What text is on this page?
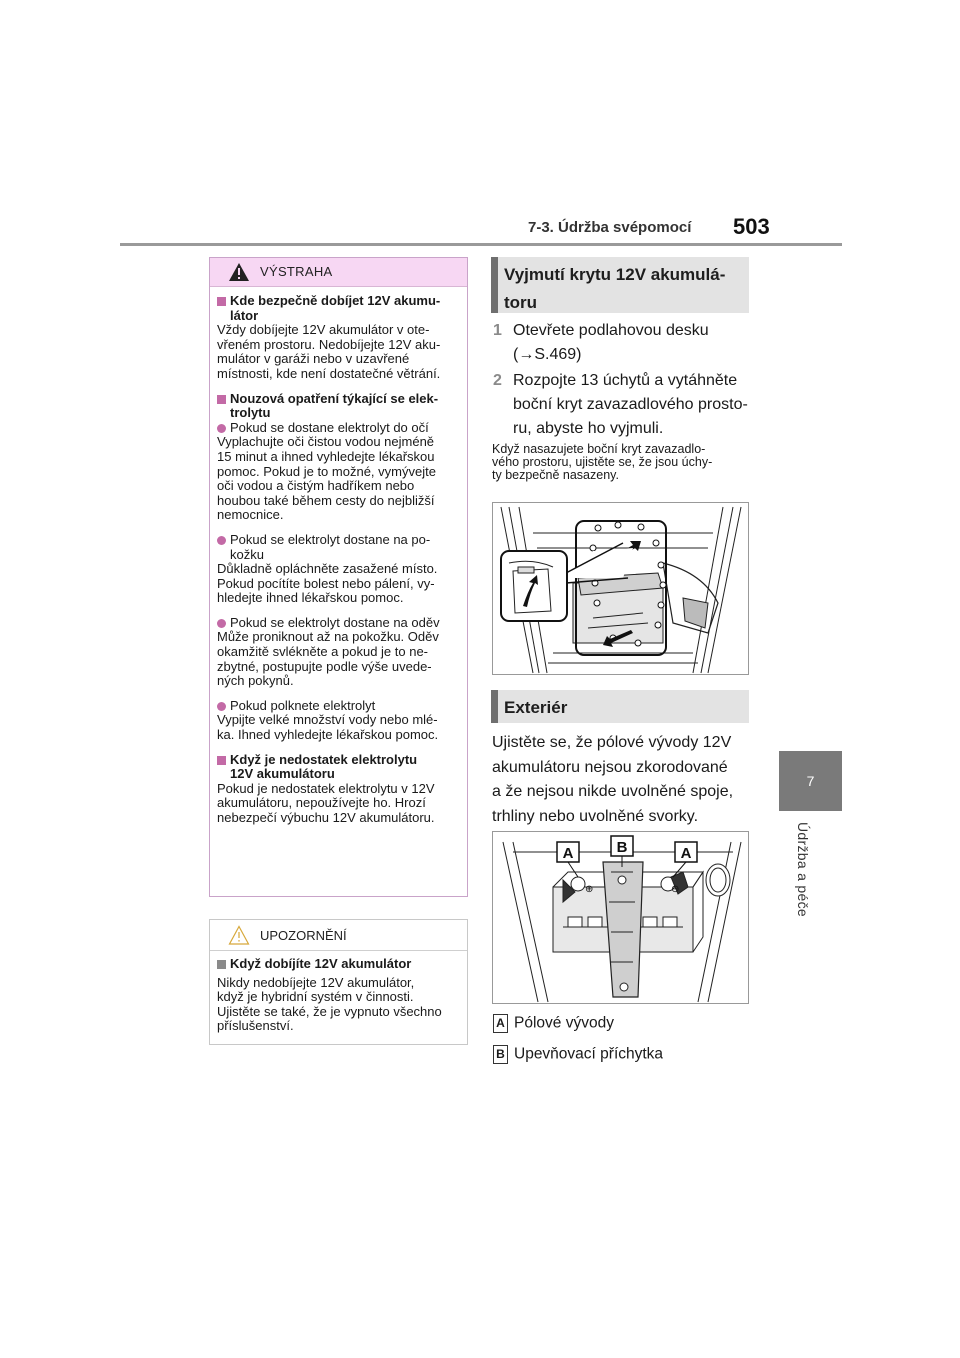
7-3. Údržba svépomocí 503
7
Údržba a péče
VÝSTRAHA
Kde bezpečně dobíjet 12V akumu-
látor

Vždy dobíjejte 12V akumulátor v ote-
vřeném prostoru. Nedobíjejte 12V aku-
mulátor v garáži nebo v uzavřené
místnosti, kde není dostatečné větrání.

Nouzová opatření týkající se elek-
trolytu
Pokud se dostane elektrolyt do očí

Vyplachujte oči čistou vodou nejméně
15 minut a ihned vyhledejte lékařskou
pomoc. Pokud je to možné, vymývejte
oči vodou a čistým hadříkem nebo
houbou také během cesty do nejbližší
nemocnice.

Pokud se elektrolyt dostane na po-
kožku

Důkladně opláchněte zasažené místo.
Pokud pocítíte bolest nebo pálení, vy-
hledejte ihned lékařskou pomoc.

Pokud se elektrolyt dostane na oděv

Může proniknout až na pokožku. Oděv
okamžitě svlékněte a pokud je to ne-
zbytné, postupujte podle výše uvede-
ných pokynů.

Pokud polknete elektrolyt

Vypijte velké množství vody nebo mlé-
ka. Ihned vyhledejte lékařskou pomoc.

Když je nedostatek elektrolytu
12V akumulátoru

Pokud je nedostatek elektrolytu v 12V
akumulátoru, nepoužívejte ho. Hrozí
nebezpečí výbuchu 12V akumulátoru.

UPOZORNĚNÍ
Když dobíjíte 12V akumulátor

Nikdy nedobíjejte 12V akumulátor,
když je hybridní systém v činnosti.
Ujistěte se také, že je vypnuto všechno
příslušenství.

Vyjmutí krytu 12V akumulá-
toru
1 Otevřete podlahovou desku
(→S.469)
2 Rozpojte 13 úchytů a vytáhněte
boční kryt zavazadlového prosto-
ru, abyste ho vyjmuli.
Když nasazujete boční kryt zavazadlo-
vého prostoru, ujistěte se, že jsou úchy-
ty bezpečně nasazeny.
Exteriér
Ujistěte se, že pólové vývody 12V
akumulátoru nejsou zkorodované
a že nejsou nikde uvolněné spoje,
trhliny nebo uvolněné svorky.
⊕	⊖
A	B	A
A Pólové vývody
B Upevňovací příchytka
